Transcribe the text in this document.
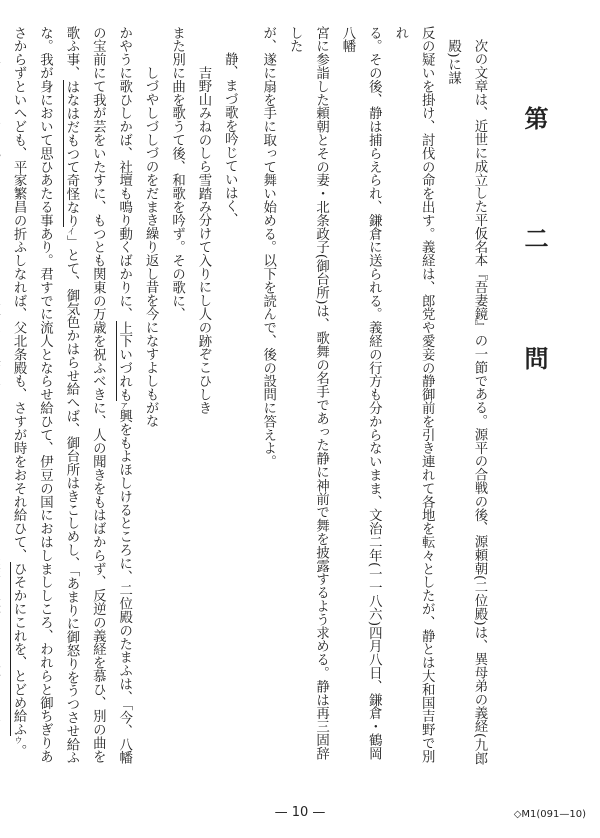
第　二　問

次の文章は、近世に成立した平仮名本『吾妻鏡』の一節である。源平の合戦の後、源頼朝(二位殿)は、異母弟の義経(九郎殿)に謀

反の疑いを掛け、討伐の命を出す。義経は、郎党や愛妾の静御前を引き連れて各地を転々としたが、静とは大和国吉野で別れ

る。その後、静は捕らえられ、鎌倉に送られる。義経の行方も分からないまま、文治二年(一一八六)四月八日、鎌倉・鶴岡八幡

宮に参詣した頼朝とその妻・北条政子(御台所)は、歌舞の名手であった静に神前で舞を披露するよう求める。静は再三固辞した

が、遂に扇を手に取って舞い始める。以下を読んで、後の設問に答えよ。

静、まづ歌を吟じていはく、

吉野山みねのしら雪踏み分けて入りにし人の跡ぞこひしき

また別に曲を歌うて後、和歌を吟ず。その歌に、

しづやしづしづのをだまき繰り返し昔を今になすよしもがな

かやうに歌ひしかば、社壇も鳴り動くばかりに、上下いづれもア興をもよほしけるところに、二位殿のたまふは、「今、八幡の宝前にて我が芸をいたすに、もつとも関東の万歳を祝ふべきに、人の聞きをもはばからず、反逆の義経を慕ひ、別の曲を歌ふ事、はなはだもつて奇怪なりイ」とて、御気色かはらせ給へば、御台所はきこしめし、「あまりに御怒りをうつさせ給ふな。我が身において思ひあたる事あり。君すでに流人とならせ給ひて、伊豆の国におはしまししころ、われらと御ちぎりあさからずといへども、平家繁昌の折ふしなれば、父北条殿も、さすが時をおそれ給ひて、ひそかにこれを、とどめ給ふウ。

— 10 —	◇M1(091—10)
